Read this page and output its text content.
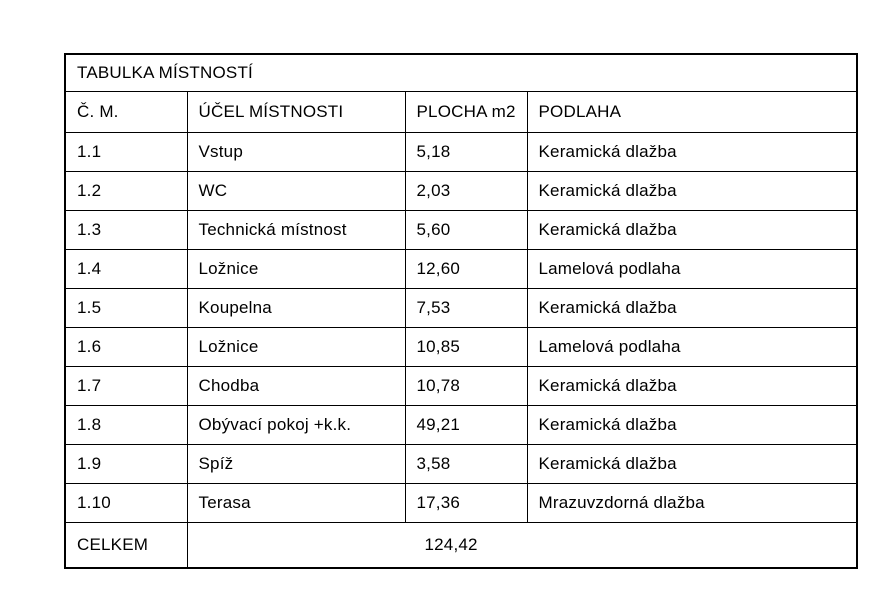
TABULKA MÍSTNOSTÍ			
Č. M.	ÚČEL MÍSTNOSTI	PLOCHA m2	PODLAHA
1.1	Vstup	5,18	Keramická dlažba
1.2	WC	2,03	Keramická dlažba
1.3	Technická místnost	5,60	Keramická dlažba
1.4	Ložnice	12,60	Lamelová podlaha
1.5	Koupelna	7,53	Keramická dlažba
1.6	Ložnice	10,85	Lamelová podlaha
1.7	Chodba	10,78	Keramická dlažba
1.8	Obývací pokoj +k.k.	49,21	Keramická dlažba
1.9	Spíž	3,58	Keramická dlažba
1.10	Terasa	17,36	Mrazuvzdorná dlažba
CELKEM	124,42		
